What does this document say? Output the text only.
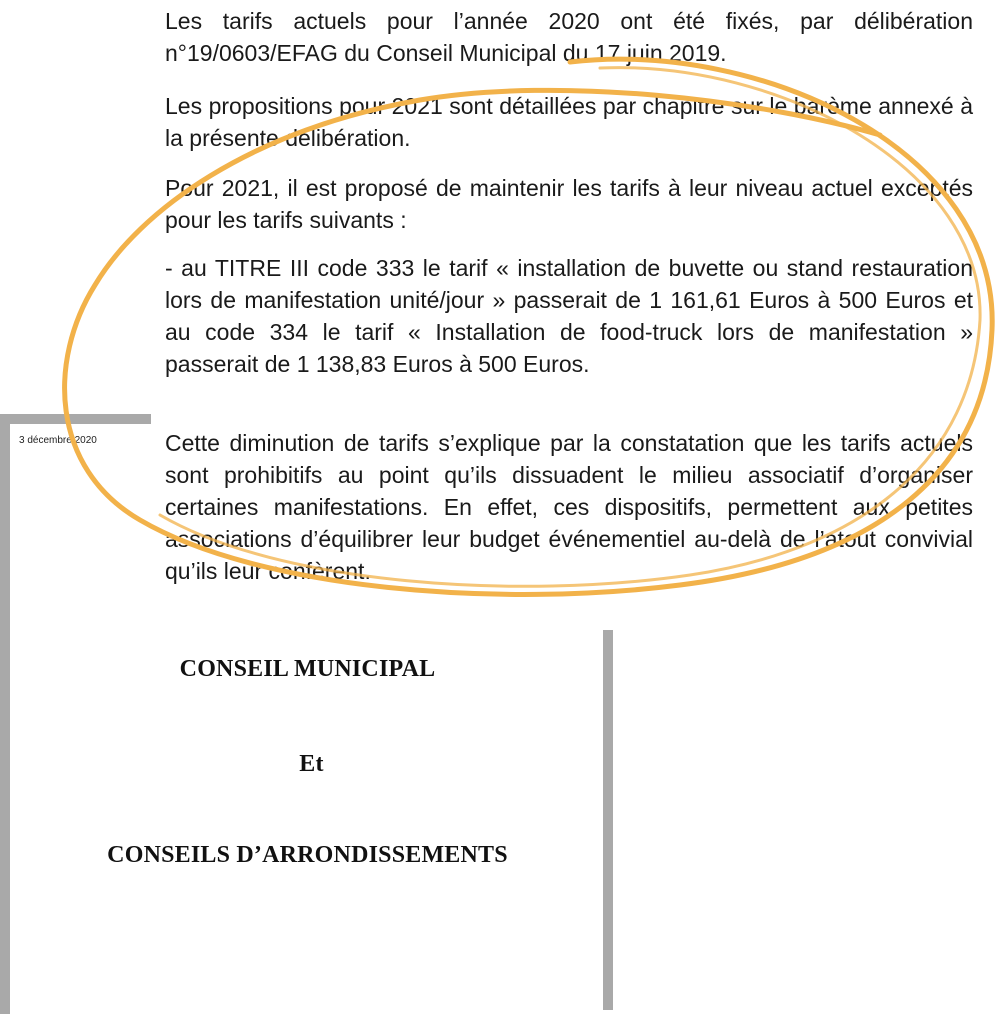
3 décembre 2020
CONSEIL MUNICIPAL
Et
CONSEILS D’ARRONDISSEMENTS

Les tarifs actuels pour l’année 2020 ont été fixés, par délibération n°19/0603/EFAG du Conseil Municipal du 17 juin 2019.

Les propositions pour 2021 sont détaillées par chapitre sur le barème annexé à la présente délibération.

Pour 2021, il est proposé de maintenir les tarifs à leur niveau actuel exceptés pour les tarifs suivants :

- au TITRE III code 333 le tarif « installation de buvette ou stand restauration lors de manifestation unité/jour » passerait de 1 161,61 Euros à 500 Euros et au code 334 le tarif « Installation de food-truck lors de manifestation » passerait de 1 138,83 Euros à 500 Euros.

Cette diminution de tarifs s’explique par la constatation que les tarifs actuels sont prohibitifs au point qu’ils dissuadent le milieu associatif d’organiser certaines manifestations. En effet, ces dispositifs, permettent aux petites associations d’équilibrer leur budget événementiel au-delà de l’atout convivial qu’ils leur confèrent.
